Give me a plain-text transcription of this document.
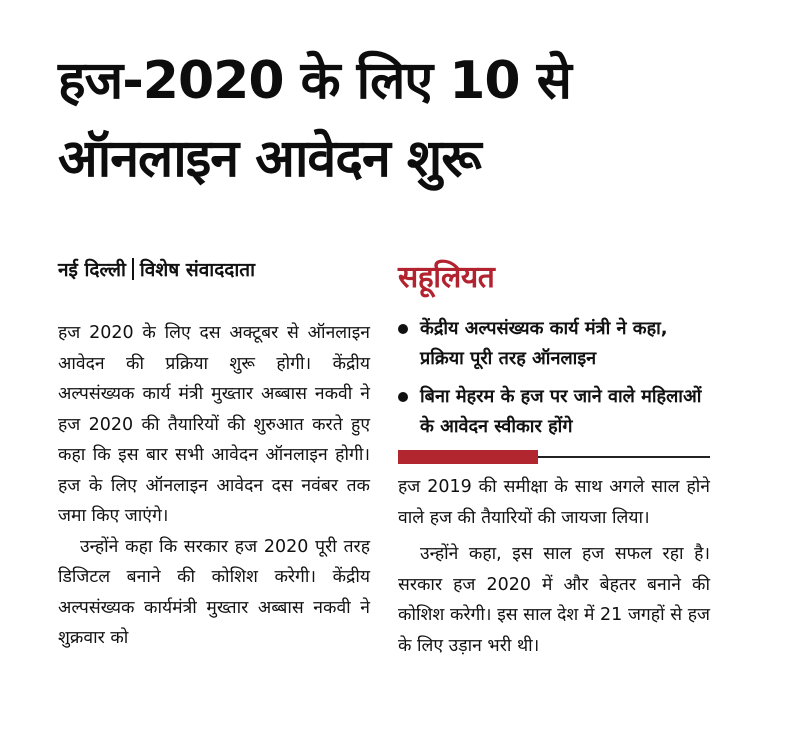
हज-2020 के लिए 10 से
ऑनलाइन आवेदन शुरू
नई दिल्ली विशेष संवाददाता

हज 2020 के लिए दस अक्टूबर से ऑनलाइन आवेदन की प्रक्रिया शुरू होगी। केंद्रीय अल्पसंख्यक कार्य मंत्री मुख्तार अब्बास नकवी ने हज 2020 की तैयारियों की शुरुआत करते हुए कहा कि इस बार सभी आवेदन ऑनलाइन होगी। हज के लिए ऑनलाइन आवेदन दस नवंबर तक जमा किए जाएंगे।

उन्होंने कहा कि सरकार हज 2020 पूरी तरह डिजिटल बनाने की कोशिश करेगी। केंद्रीय अल्पसंख्यक कार्यमंत्री मुख्तार अब्बास नकवी ने शुक्रवार को

सहूलियत
केंद्रीय अल्पसंख्यक कार्य मंत्री ने कहा, प्रक्रिया पूरी तरह ऑनलाइन
बिना मेहरम के हज पर जाने वाले महिलाओं के आवेदन स्वीकार होंगे

हज 2019 की समीक्षा के साथ अगले साल होने वाले हज की तैयारियों की जायजा लिया।

उन्होंने कहा, इस साल हज सफल रहा है। सरकार हज 2020 में और बेहतर बनाने की कोशिश करेगी। इस साल देश में 21 जगहों से हज के लिए उड़ान भरी थी।
